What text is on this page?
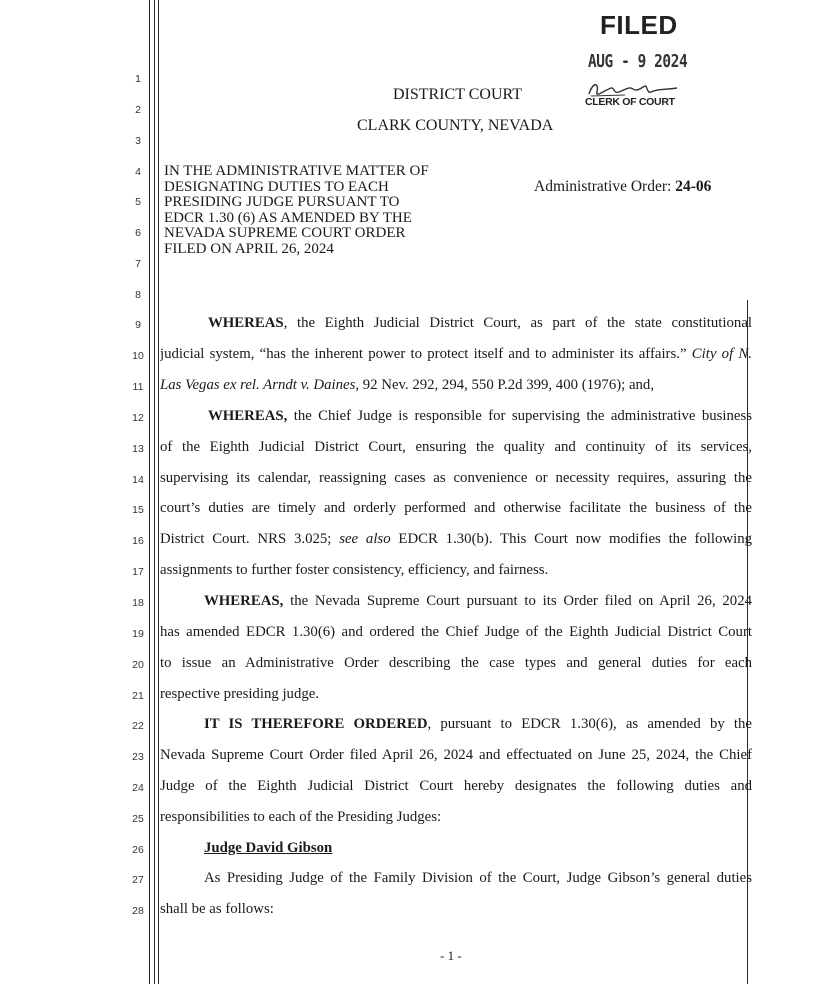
1
2
3
4
5
6
7
8
9
10
11
12
13
14
15
16
17
18
19
20
21
22
23
24
25
26
27
28
FILED
AUG - 9 2024
CLERK OF COURT
DISTRICT COURT
CLARK COUNTY, NEVADA
IN THE ADMINISTRATIVE MATTER OF
DESIGNATING DUTIES TO EACH
PRESIDING JUDGE PURSUANT TO
EDCR 1.30 (6) AS AMENDED BY THE
NEVADA SUPREME COURT ORDER
FILED ON APRIL 26, 2024
Administrative Order: 24-06
WHEREAS, the Eighth Judicial District Court, as part of the state constitutional
judicial system, “has the inherent power to protect itself and to administer its affairs.” City of N.
Las Vegas ex rel. Arndt v. Daines, 92 Nev. 292, 294, 550 P.2d 399, 400 (1976); and,
WHEREAS, the Chief Judge is responsible for supervising the administrative business
of the Eighth Judicial District Court, ensuring the quality and continuity of its services,
supervising its calendar, reassigning cases as convenience or necessity requires, assuring the
court’s duties are timely and orderly performed and otherwise facilitate the business of the
District Court. NRS 3.025; see also EDCR 1.30(b). This Court now modifies the following
assignments to further foster consistency, efficiency, and fairness.
WHEREAS, the Nevada Supreme Court pursuant to its Order filed on April 26, 2024
has amended EDCR 1.30(6) and ordered the Chief Judge of the Eighth Judicial District Court
to issue an Administrative Order describing the case types and general duties for each
respective presiding judge.
IT IS THEREFORE ORDERED, pursuant to EDCR 1.30(6), as amended by the
Nevada Supreme Court Order filed April 26, 2024 and effectuated on June 25, 2024, the Chief
Judge of the Eighth Judicial District Court hereby designates the following duties and
responsibilities to each of the Presiding Judges:
Judge David Gibson
As Presiding Judge of the Family Division of the Court, Judge Gibson’s general duties
shall be as follows:
- 1 -
